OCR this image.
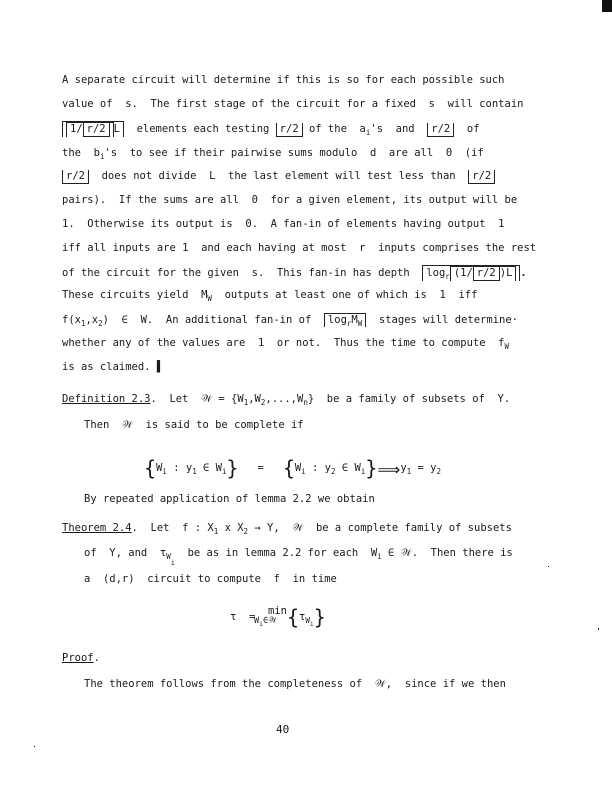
A separate circuit will determine if this is so for each possible such
value of  s.  The first stage of the circuit for a fixed  s  will contain
1/ r/2 L  elements each testing r/2 of the  $a_i's$  and  r/2  of
the  $b_i's$  to see if their pairwise sums modulo  d  are all  0  (if
r/2  does not divide  L  the last element will test less than  r/2
pairs).  If the sums are all  0  for a given element, its output will be
1.  Otherwise its output is  0.  A fan-in of elements having output  1
iff all inputs are 1  and each having at most  r  inputs comprises the rest
of the circuit for the given  s.  This fan-in has depth  $\log_r (1/$ r/2 )L .
These circuits yield  $M_W$  outputs at least one of which is  1  iff
$f(x_1,x_2)$  ∈  W.  An additional fan-in of  $\log_rM_W$  stages will determine·
whether any of the values are  1  or not.  Thus the time to compute  $f_W$
is as claimed. ▌
Definition 2.3.  Let  𝒲 = $\{W_1,W_2,...,W_n\}$  be a family of subsets of  Y.
Then  𝒲  is said to be complete if
{$W_i$ : $y_1$ ∈ $W_i\} = \{W_i$ : $y_2$ ∈ $W_i\}⟹y_1 = y_2$
By repeated application of lemma 2.2 we obtain
Theorem 2.4.  Let  f : $X_1$ x $X_2 \to Y$,  𝒲  be a complete family of subsets
of  Y, and  $\tau_{Wi}$  be as in lemma 2.2 for each  $W_i$ ∈ 𝒲.  Then there is
a  (d,r)  circuit to compute  f  in time
τ = min
$W_i\in 𝒲$ $\{\tau_{Wi}\}$
Proof.
The theorem follows from the completeness of  𝒲,  since if we then
40
